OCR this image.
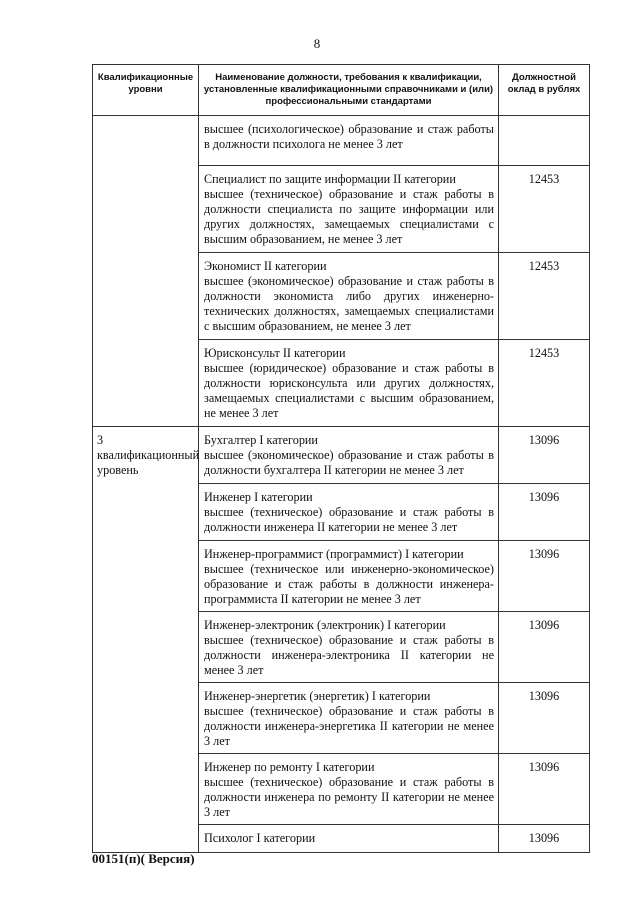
8
Квалификационные уровни	Наименование должности, требования к квалификации, установленные квалификационными справочниками и (или) профессиональными стандартами	Должностной оклад в рублях

	высшее (психологическое) образование и стаж работы в должности психолога не менее 3 лет	

	Специалист по защите информации II категории
высшее (техническое) образование и стаж работы в должности специалиста по защите информации или других должностях, замещаемых специалистами с высшим образованием, не менее 3 лет	12453

	Экономист II категории
высшее (экономическое) образование и стаж работы в должности экономиста либо других инженерно-технических должностях, замещаемых специалистами с высшим образованием, не менее 3 лет	12453

	Юрисконсульт II категории
высшее (юридическое) образование и стаж работы в должности юрисконсульта или других должностях, замещаемых специалистами с высшим образованием, не менее 3 лет	12453
3 квалификационный уровень	Бухгалтер I категории
высшее (экономическое) образование и стаж работы в должности бухгалтера II категории не менее 3 лет	13096

	Инженер I категории
высшее (техническое) образование и стаж работы в должности инженера II категории не менее 3 лет	13096

	Инженер-программист (программист) I категории
высшее (техническое или инженерно-экономическое) образование и стаж работы в должности инженера-программиста II категории не менее 3 лет	13096

	Инженер-электроник (электроник) I категории
высшее (техническое) образование и стаж работы в должности инженера-электроника II категории не менее 3 лет	13096

	Инженер-энергетик (энергетик) I категории
высшее (техническое) образование и стаж работы в должности инженера-энергетика II категории не менее 3 лет	13096

	Инженер по ремонту I категории
высшее (техническое) образование и стаж работы в должности инженера по ремонту II категории не менее 3 лет	13096

	Психолог I категории	13096
00151(п)( Версия)
